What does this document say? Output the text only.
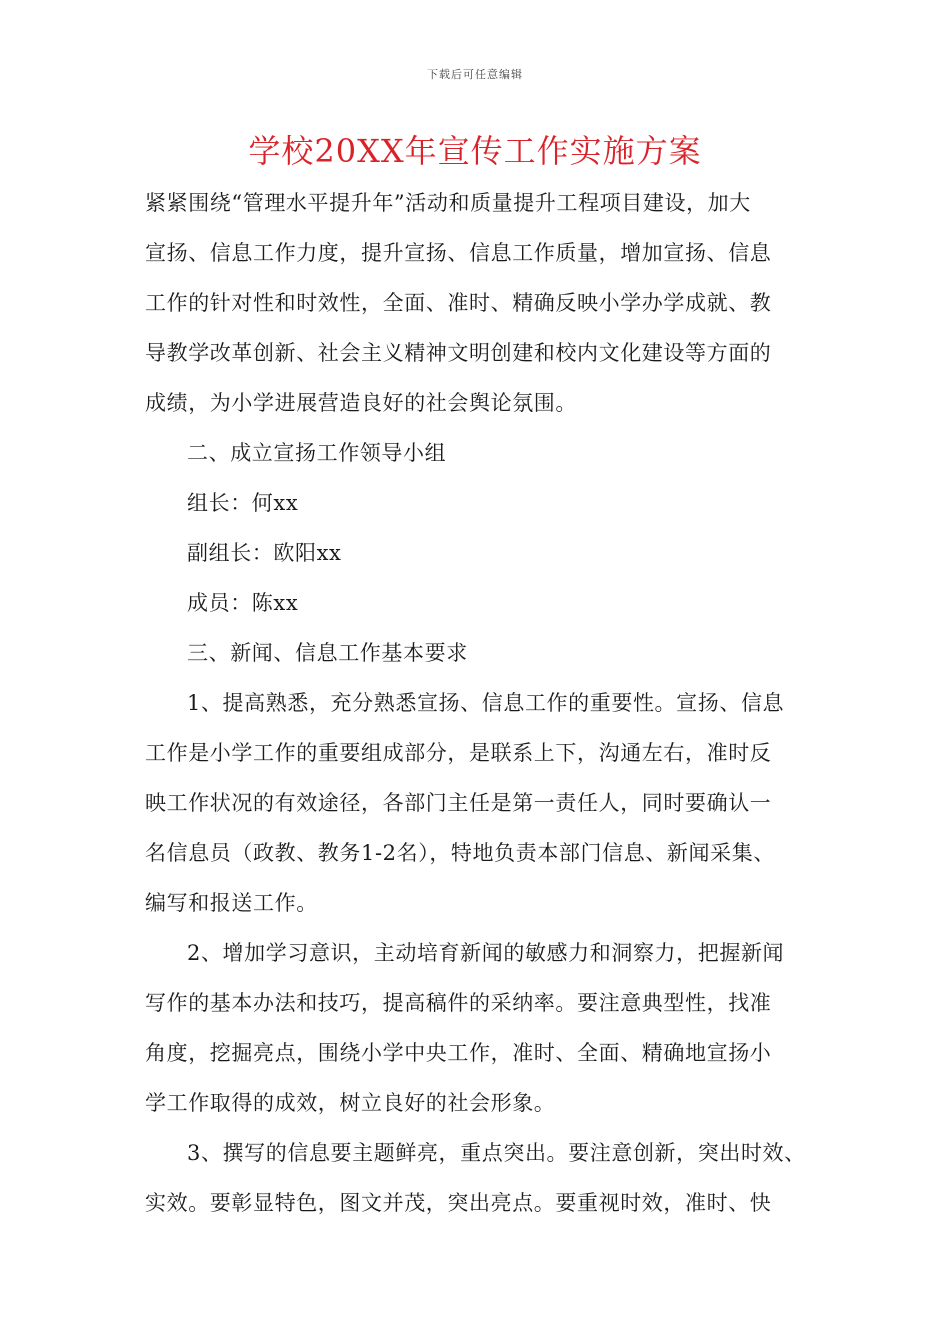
下载后可任意编辑
学校20XX年宣传工作实施方案
紧紧围绕“管理水平提升年”活动和质量提升工程项目建设，加大
宣扬、信息工作力度，提升宣扬、信息工作质量，增加宣扬、信息
工作的针对性和时效性，全面、准时、精确反映小学办学成就、教
导教学改革创新、社会主义精神文明创建和校内文化建设等方面的
成绩，为小学进展营造良好的社会舆论氛围。
二、成立宣扬工作领导小组
组长：何xx
副组长：欧阳xx
成员：陈xx
三、新闻、信息工作基本要求
1、提高熟悉，充分熟悉宣扬、信息工作的重要性。宣扬、信息
工作是小学工作的重要组成部分，是联系上下，沟通左右，准时反
映工作状况的有效途径，各部门主任是第一责任人，同时要确认一
名信息员（政教、教务1-2名），特地负责本部门信息、新闻采集、
编写和报送工作。
2、增加学习意识，主动培育新闻的敏感力和洞察力，把握新闻
写作的基本办法和技巧，提高稿件的采纳率。要注意典型性，找准
角度，挖掘亮点，围绕小学中央工作，准时、全面、精确地宣扬小
学工作取得的成效，树立良好的社会形象。
3、撰写的信息要主题鲜亮，重点突出。要注意创新，突出时效、
实效。要彰显特色，图文并茂，突出亮点。要重视时效，准时、快
